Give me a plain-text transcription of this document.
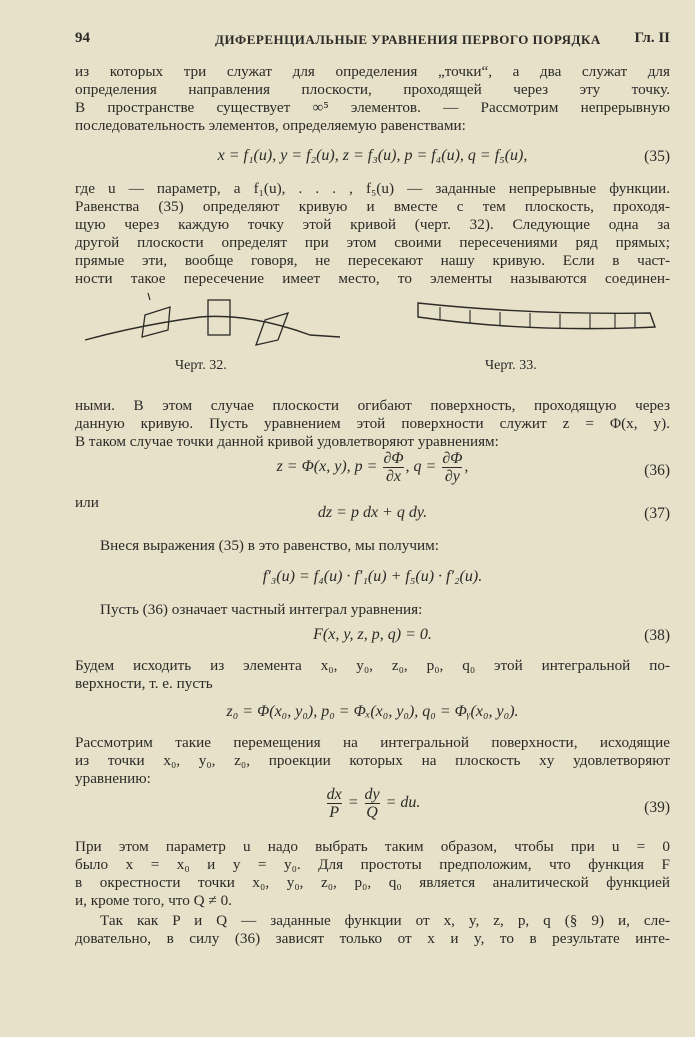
94	ДИФЕРЕНЦИАЛЬНЫЕ УРАВНЕНИЯ ПЕРВОГО ПОРЯДКА Гл. II
из которых три служат для определения „точки“, а два служат для
определения направления плоскости, проходящей через эту точку.
В пространстве существует ∞⁵ элементов. — Рассмотрим непрерывную
последовательность элементов, определяемую равенствами:
x = f₁(u), y = f₂(u), z = f₃(u), p = f₄(u), q = f₅(u),	(35)
где u — параметр, а f₁(u), . . . , f₅(u) — заданные непрерывные функции.
Равенства (35) определяют кривую и вместе с тем плоскость, проходя-
щую через каждую точку этой кривой (черт. 32). Следующие одна за
другой плоскости определят при этом своими пересечениями ряд прямых;
прямые эти, вообще говоря, не пересекают нашу кривую. Если в част-
ности такое пересечение имеет место, то элементы называются соединен-
Черт. 32.	Черт. 33.
ными. В этом случае плоскости огибают поверхность, проходящую через
данную кривую. Пусть уравнением этой поверхности служит z = Φ(x, y).
В таком случае точки данной кривой удовлетворяют уравнениям:
z = Φ(x, y), $p = \frac{\partial\Phi}{\partial x}$ , $q = \frac{\partial\Phi}{\partial y}$ ,	(36)
или
dz = p dx + q dy.	(37)
Внеся выражения (35) в это равенство, мы получим:
f′₃(u) = f₄(u) · f′₁(u) + f₅(u) · f′₂(u).
Пусть (36) означает частный интеграл уравнения:
F(x, y, z, p, q) = 0.	(38)
Будем исходить из элемента x₀, y₀, z₀, p₀, q₀ этой интегральной по-
верхности, т. е. пусть
z₀ = Φ(x₀, y₀), p₀ = Φₓ(x₀, y₀), q₀ = Φᵧ(x₀, y₀).
Рассмотрим такие перемещения на интегральной поверхности, исходящие
из точки x₀, y₀, z₀, проекции которых на плоскость xy удовлетворяют
уравнению:
$\frac{dx}{P} = \frac{dy}{Q}$ = du.	(39)
При этом параметр u надо выбрать таким образом, чтобы при u = 0
было x = x₀ и y = y₀. Для простоты предположим, что функция F
в окрестности точки x₀, y₀, z₀, p₀, q₀ является аналитической функцией
и, кроме того, что Q ≠ 0.
Так как P и Q — заданные функции от x, y, z, p, q (§ 9) и, сле-
довательно, в силу (36) зависят только от x и y, то в результате инте-
